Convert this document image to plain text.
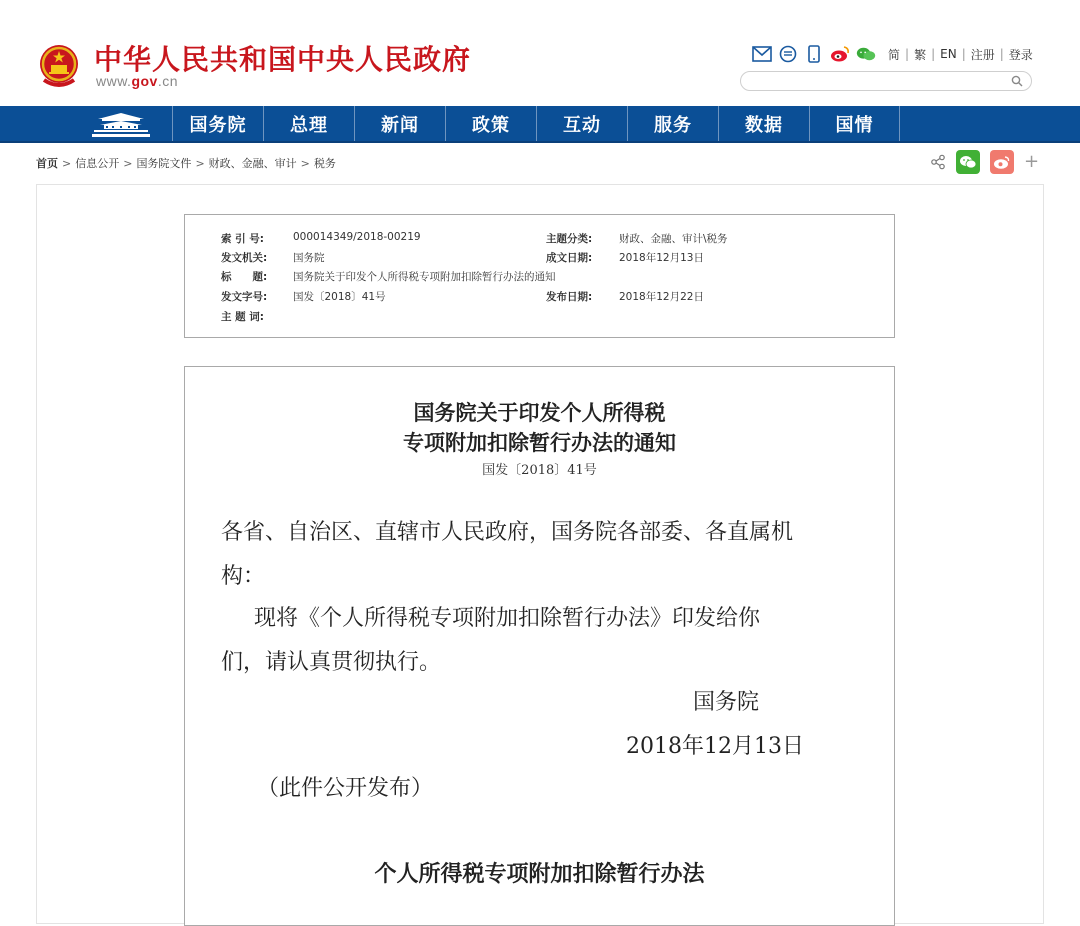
中华人民共和国中央人民政府
www.gov.cn
简 | 繁 | EN | 注册 | 登录
国务院	总理	新闻	政策	互动	服务	数据	国情
首页 > 信息公开 > 国务院文件 > 财政、金融、审计 > 税务	+
索 引 号:	000014349/2018-00219	主题分类:	财政、金融、审计\税务
发文机关: 国务院	成文日期:	2018年12月13日
标　　题: 国务院关于印发个人所得税专项附加扣除暂行办法的通知
发文字号: 国发〔2018〕41号	发布日期:	2018年12月22日
主 题 词:
国务院关于印发个人所得税
专项附加扣除暂行办法的通知
国发〔2018〕41号
各省、自治区、直辖市人民政府，国务院各部委、各直属机
构：
现将《个人所得税专项附加扣除暂行办法》印发给你
们，请认真贯彻执行。
国务院
2018年12月13日
（此件公开发布）
个人所得税专项附加扣除暂行办法
